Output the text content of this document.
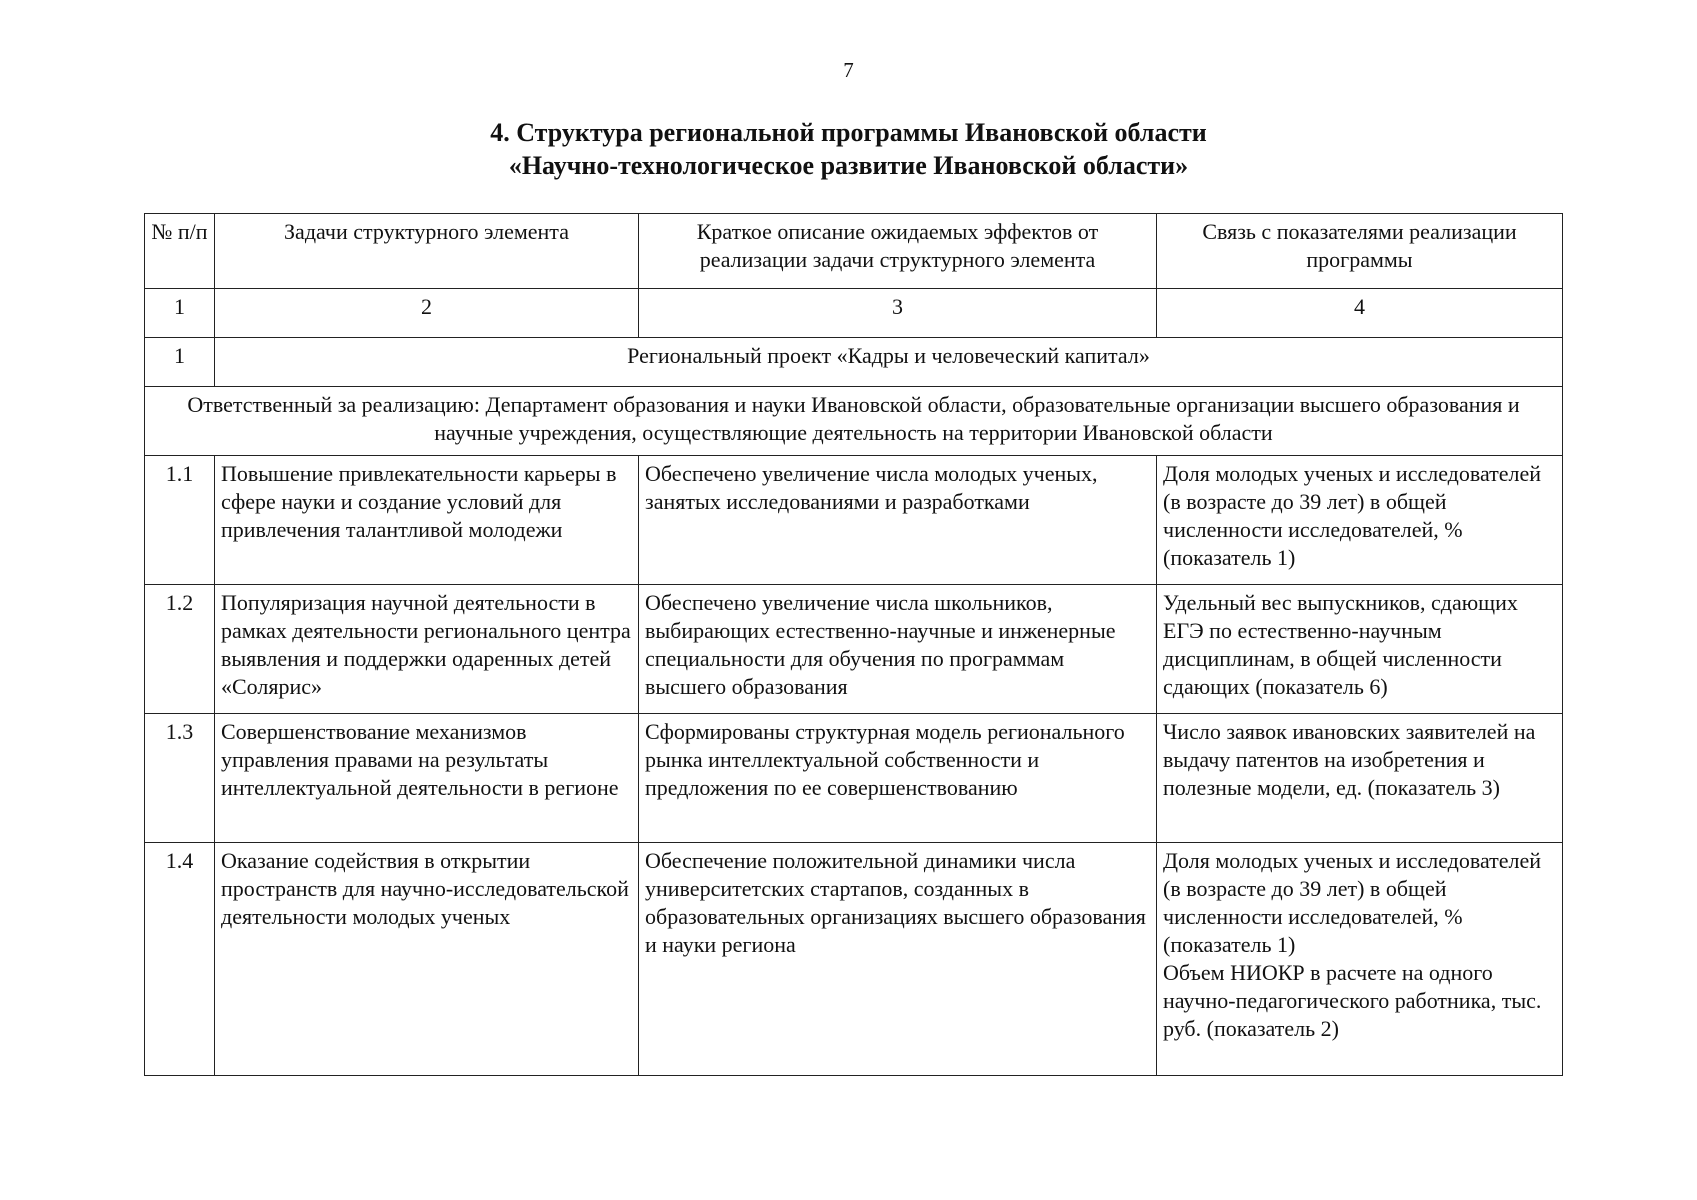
7
4. Структура региональной программы Ивановской области
«Научно-технологическое развитие Ивановской области»
№ п/п	Задачи структурного элемента	Краткое описание ожидаемых эффектов от реализации задачи структурного элемента	Связь с показателями реализации программы
1	2	3	4
1	Региональный проект «Кадры и человеческий капитал»		
Ответственный за реализацию: Департамент образования и науки Ивановской области, образовательные организации высшего образования и научные учреждения, осуществляющие деятельность на территории Ивановской области			
1.1	Повышение привлекательности карьеры в сфере науки и создание условий для привлечения талантливой молодежи	Обеспечено увеличение числа молодых ученых, занятых исследованиями и разработками	Доля молодых ученых и исследователей (в возрасте до 39 лет) в общей численности исследователей, % (показатель 1)

1.2	Популяризация научной деятельности в рамках деятельности регионального центра выявления и поддержки одаренных детей «Солярис»	Обеспечено увеличение числа школьников, выбирающих естественно-научные и инженерные специальности для обучения по программам высшего образования	Удельный вес выпускников, сдающих ЕГЭ по естественно-научным дисциплинам, в общей численности сдающих (показатель 6)

1.3	Совершенствование механизмов управления правами на результаты интеллектуальной деятельности в регионе	Сформированы структурная модель регионального рынка интеллектуальной собственности и предложения по ее совершенствованию	Число заявок ивановских заявителей на выдачу патентов на изобретения и полезные модели, ед. (показатель 3)

1.4	Оказание содействия в открытии пространств для научно-исследовательской деятельности молодых ученых	Обеспечение положительной динамики числа университетских стартапов, созданных в образовательных организациях высшего образования и науки региона	Доля молодых ученых и исследователей (в возрасте до 39 лет) в общей численности исследователей, % (показатель 1)
Объем НИОКР в расчете на одного научно-педагогического работника, тыс. руб. (показатель 2)
